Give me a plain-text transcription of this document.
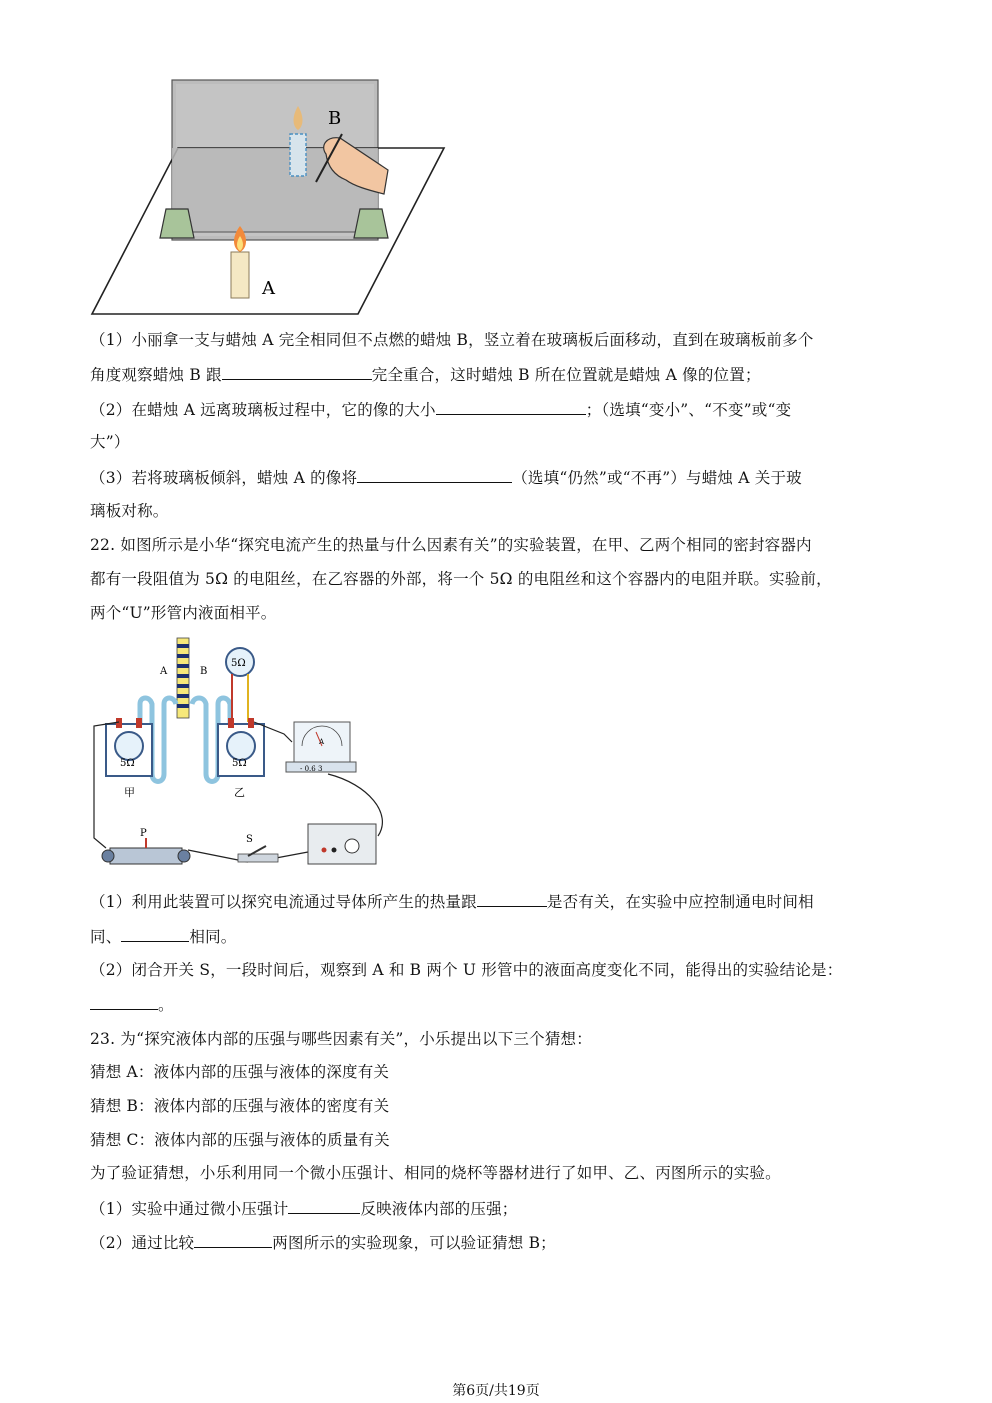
B
A
（1）小丽拿一支与蜡烛 A 完全相同但不点燃的蜡烛 B，竖立着在玻璃板后面移动，直到在玻璃板前多个
角度观察蜡烛 B 跟	完全重合，这时蜡烛 B 所在位置就是蜡烛 A 像的位置；
（2）在蜡烛 A 远离玻璃板过程中，它的像的大小	；（选填“变小”、“不变”或“变
大”）
（3）若将玻璃板倾斜，蜡烛 A 的像将	（选填“仍然”或“不再”）与蜡烛 A 关于玻
璃板对称。
22. 如图所示是小华“探究电流产生的热量与什么因素有关”的实验装置，在甲、乙两个相同的密封容器内
都有一段阻值为 5Ω 的电阻丝，在乙容器的外部，将一个 5Ω 的电阻丝和这个容器内的电阻并联。实验前，
两个“U”形管内液面相平。
A	B
5Ω
5Ω
甲
5Ω
乙
A
- 0.6 3
P
S
（1）利用此装置可以探究电流通过导体所产生的热量跟	是否有关，在实验中应控制通电时间相
同、	相同。
（2）闭合开关 S，一段时间后，观察到 A 和 B 两个 U 形管中的液面高度变化不同，能得出的实验结论是：
。
23. 为“探究液体内部的压强与哪些因素有关”，小乐提出以下三个猜想：
猜想 A：液体内部的压强与液体的深度有关
猜想 B：液体内部的压强与液体的密度有关
猜想 C：液体内部的压强与液体的质量有关
为了验证猜想，小乐利用同一个微小压强计、相同的烧杯等器材进行了如甲、乙、丙图所示的实验。
（1）实验中通过微小压强计	反映液体内部的压强；
（2）通过比较	两图所示的实验现象，可以验证猜想 B；
第6页/共19页
